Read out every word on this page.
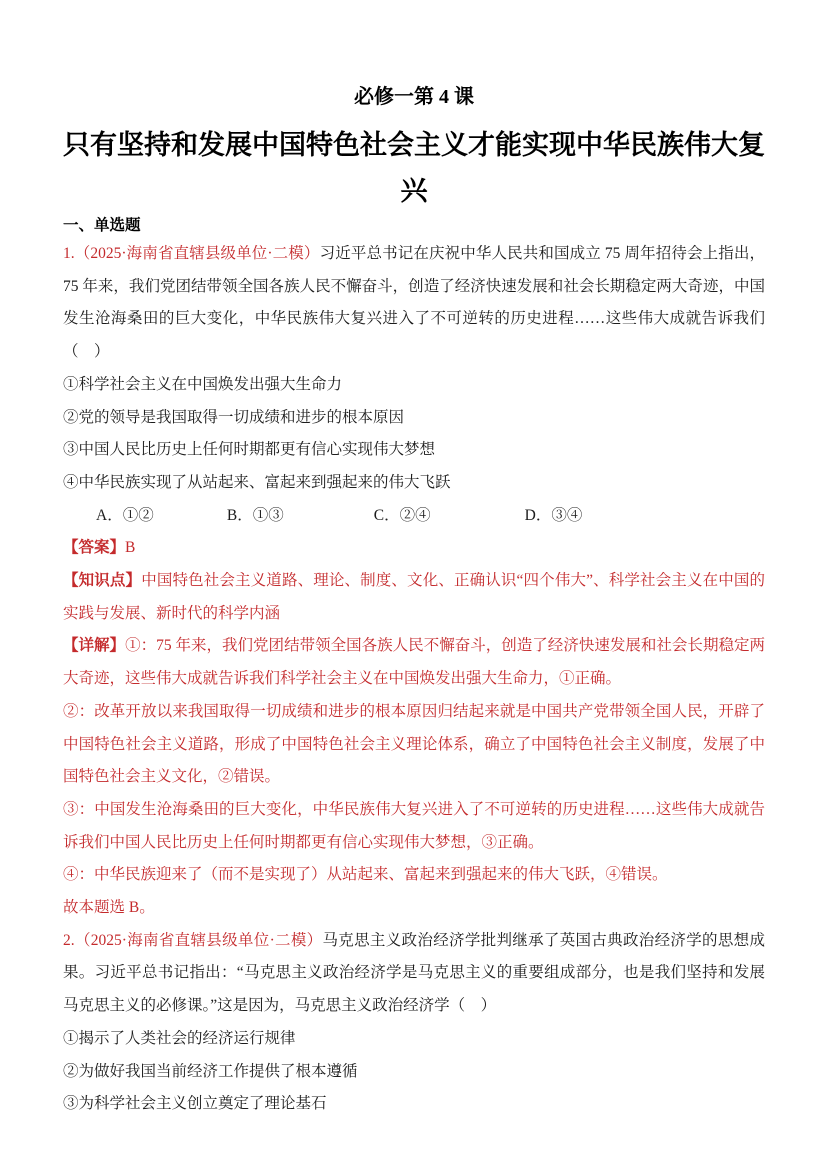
必修一第 4 课
只有坚持和发展中国特色社会主义才能实现中华民族伟大复兴
一、单选题

1.（2025·海南省直辖县级单位·二模）习近平总书记在庆祝中华人民共和国成立 75 周年招待会上指出，75 年来，我们党团结带领全国各族人民不懈奋斗，创造了经济快速发展和社会长期稳定两大奇迹，中国发生沧海桑田的巨大变化，中华民族伟大复兴进入了不可逆转的历史进程……这些伟大成就告诉我们（　）

①科学社会主义在中国焕发出强大生命力

②党的领导是我国取得一切成绩和进步的根本原因

③中国人民比历史上任何时期都更有信心实现伟大梦想

④中华民族实现了从站起来、富起来到强起来的伟大飞跃

A．①②	B．①③	C．②④	D．③④

【答案】B

【知识点】中国特色社会主义道路、理论、制度、文化、正确认识“四个伟大”、科学社会主义在中国的实践与发展、新时代的科学内涵

【详解】①：75 年来，我们党团结带领全国各族人民不懈奋斗，创造了经济快速发展和社会长期稳定两大奇迹，这些伟大成就告诉我们科学社会主义在中国焕发出强大生命力，①正确。

②：改革开放以来我国取得一切成绩和进步的根本原因归结起来就是中国共产党带领全国人民，开辟了中国特色社会主义道路，形成了中国特色社会主义理论体系，确立了中国特色社会主义制度，发展了中国特色社会主义文化，②错误。

③：中国发生沧海桑田的巨大变化，中华民族伟大复兴进入了不可逆转的历史进程……这些伟大成就告诉我们中国人民比历史上任何时期都更有信心实现伟大梦想，③正确。

④：中华民族迎来了（而不是实现了）从站起来、富起来到强起来的伟大飞跃，④错误。

故本题选 B。

2.（2025·海南省直辖县级单位·二模）马克思主义政治经济学批判继承了英国古典政治经济学的思想成果。习近平总书记指出：“马克思主义政治经济学是马克思主义的重要组成部分，也是我们坚持和发展马克思主义的必修课。”这是因为，马克思主义政治经济学（　）

①揭示了人类社会的经济运行规律

②为做好我国当前经济工作提供了根本遵循

③为科学社会主义创立奠定了理论基石
